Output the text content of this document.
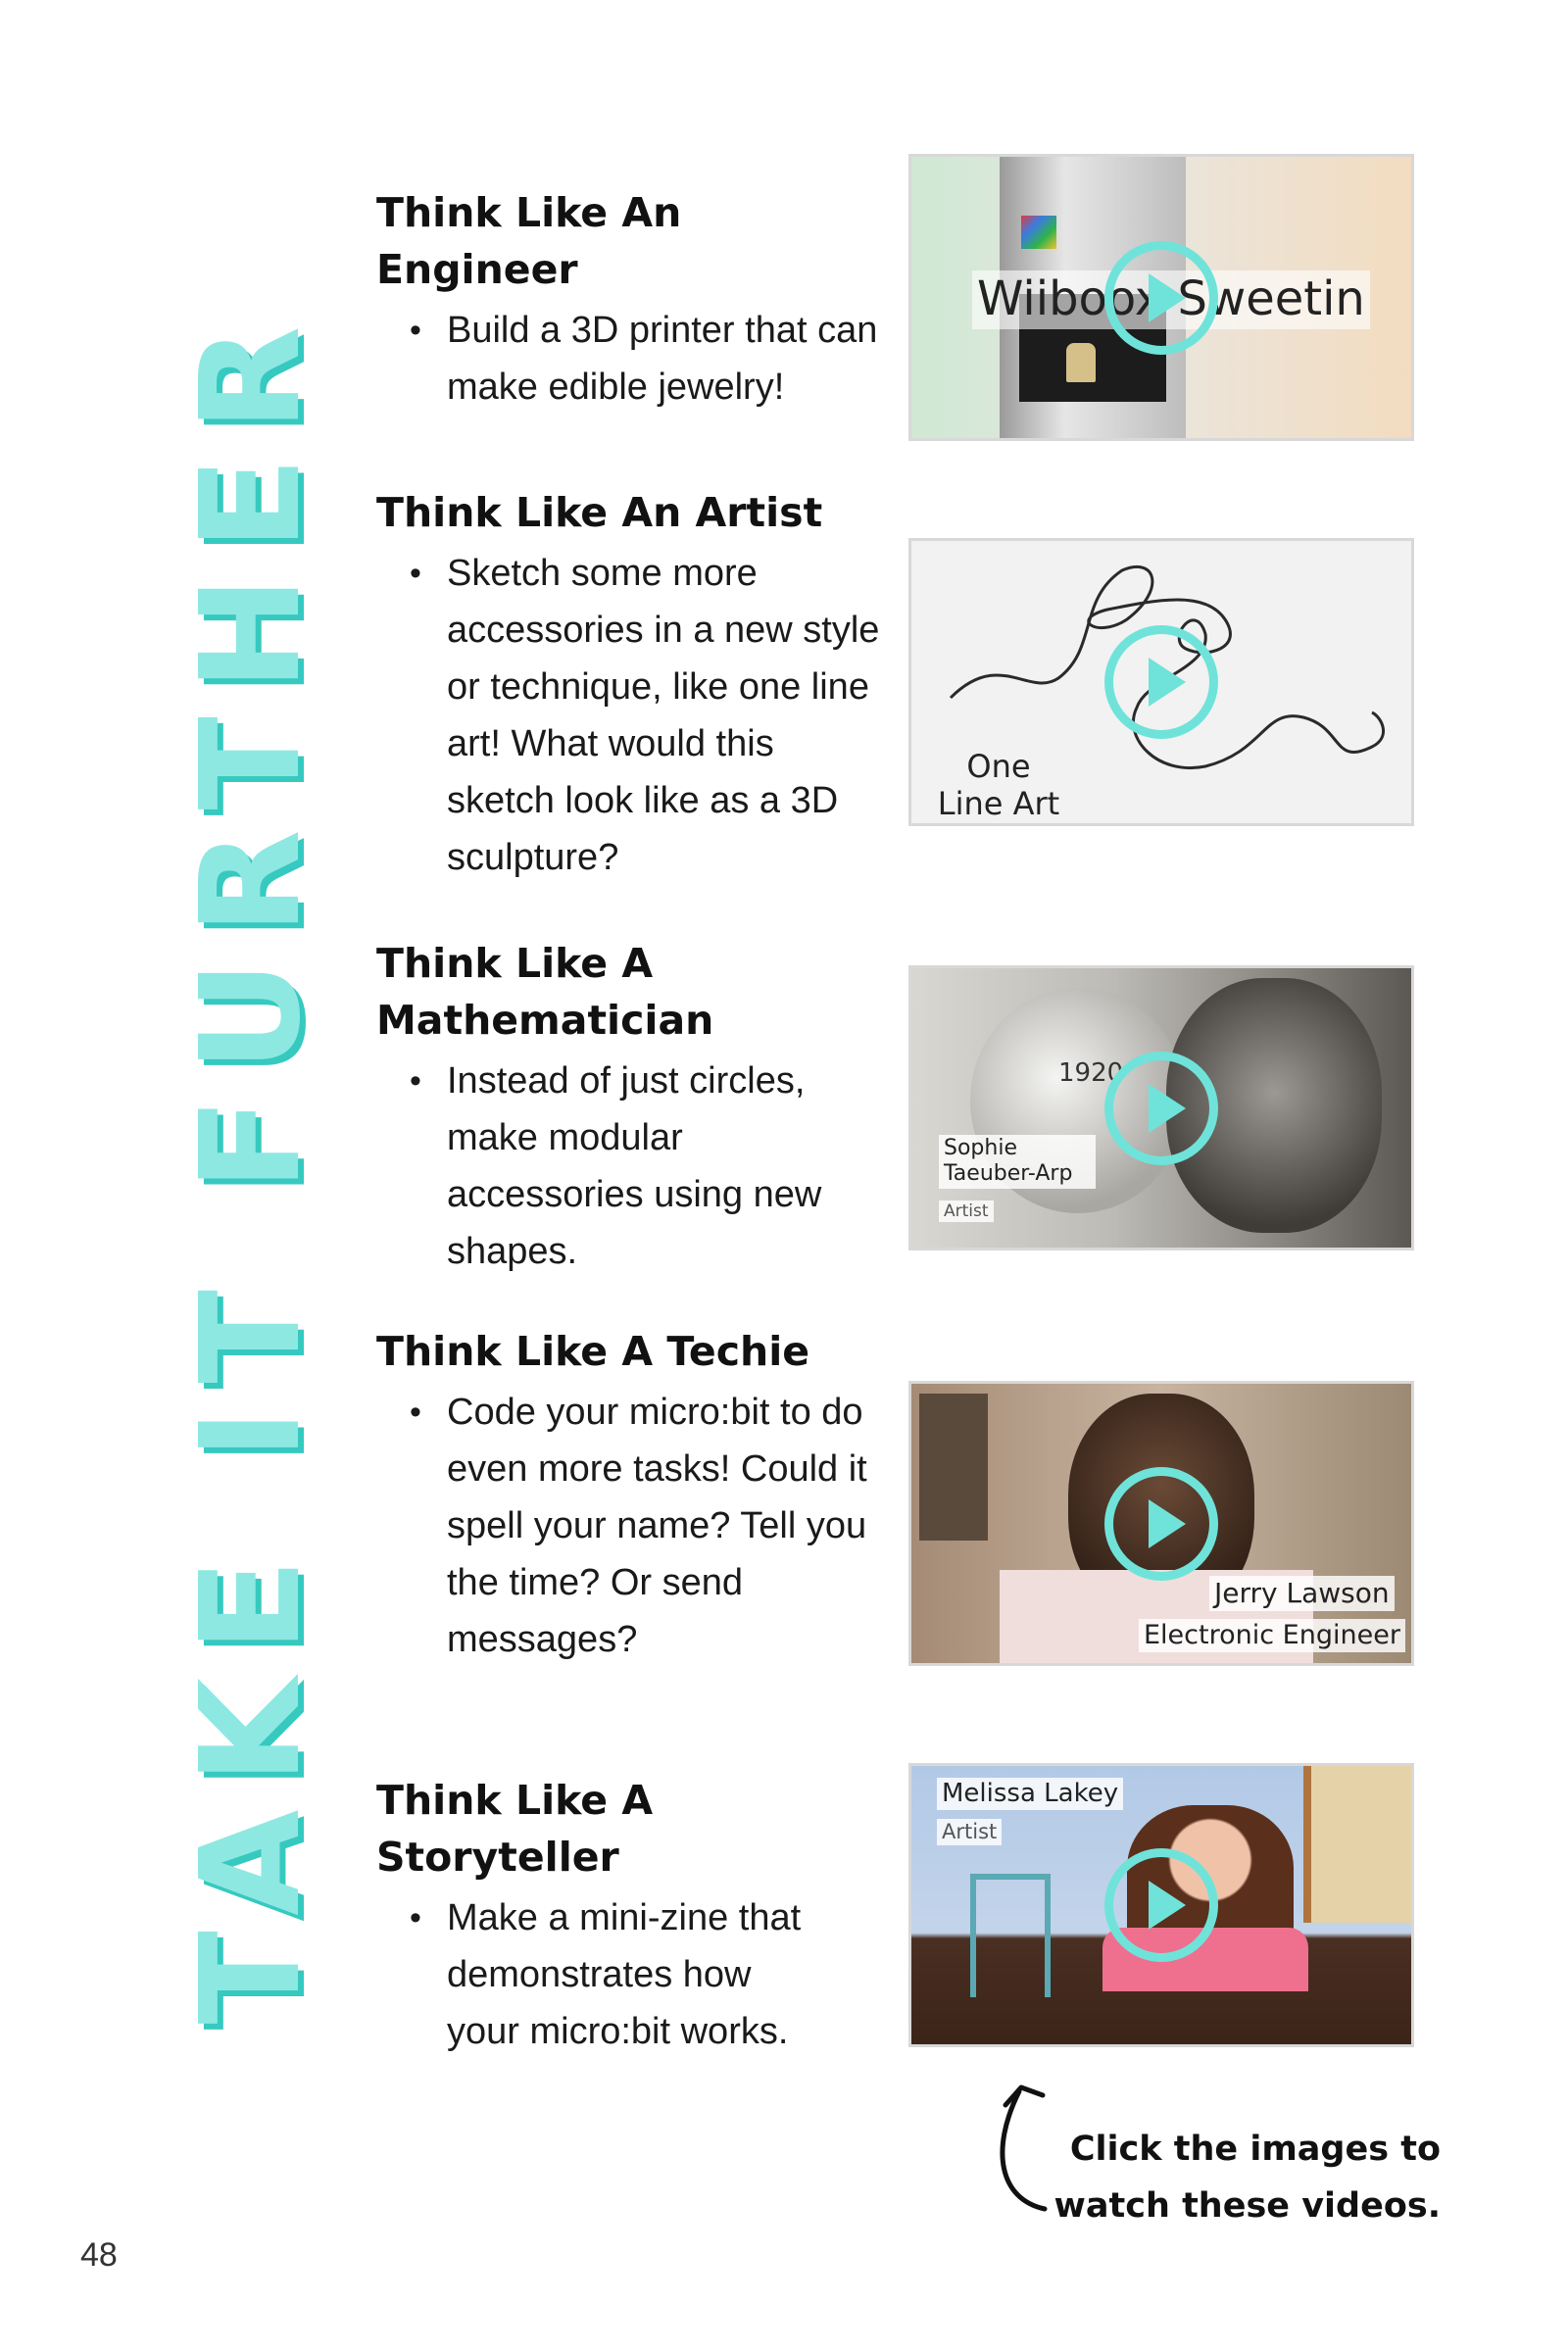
TAKE IT FURTHER
Think Like An Engineer
• Build a 3D printer that can make edible jewelry!
Think Like An Artist
• Sketch some more accessories in a new style or technique, like one line art! What would this sketch look like as a 3D sculpture?
Think Like A Mathematician
• Instead of just circles, make modular accessories using new shapes.
Think Like A Techie
• Code your micro:bit to do even more tasks! Could it spell your name? Tell you the time? Or send messages?
Think Like A Storyteller
• Make a mini-zine that demonstrates how your micro:bit works.
Wiiboox Sweetin
One Line Art
1920
Sophie Taeuber-Arp
Artist
Jerry Lawson
Electronic Engineer
Melissa Lakey
Artist
Click the images to watch these videos.
48
